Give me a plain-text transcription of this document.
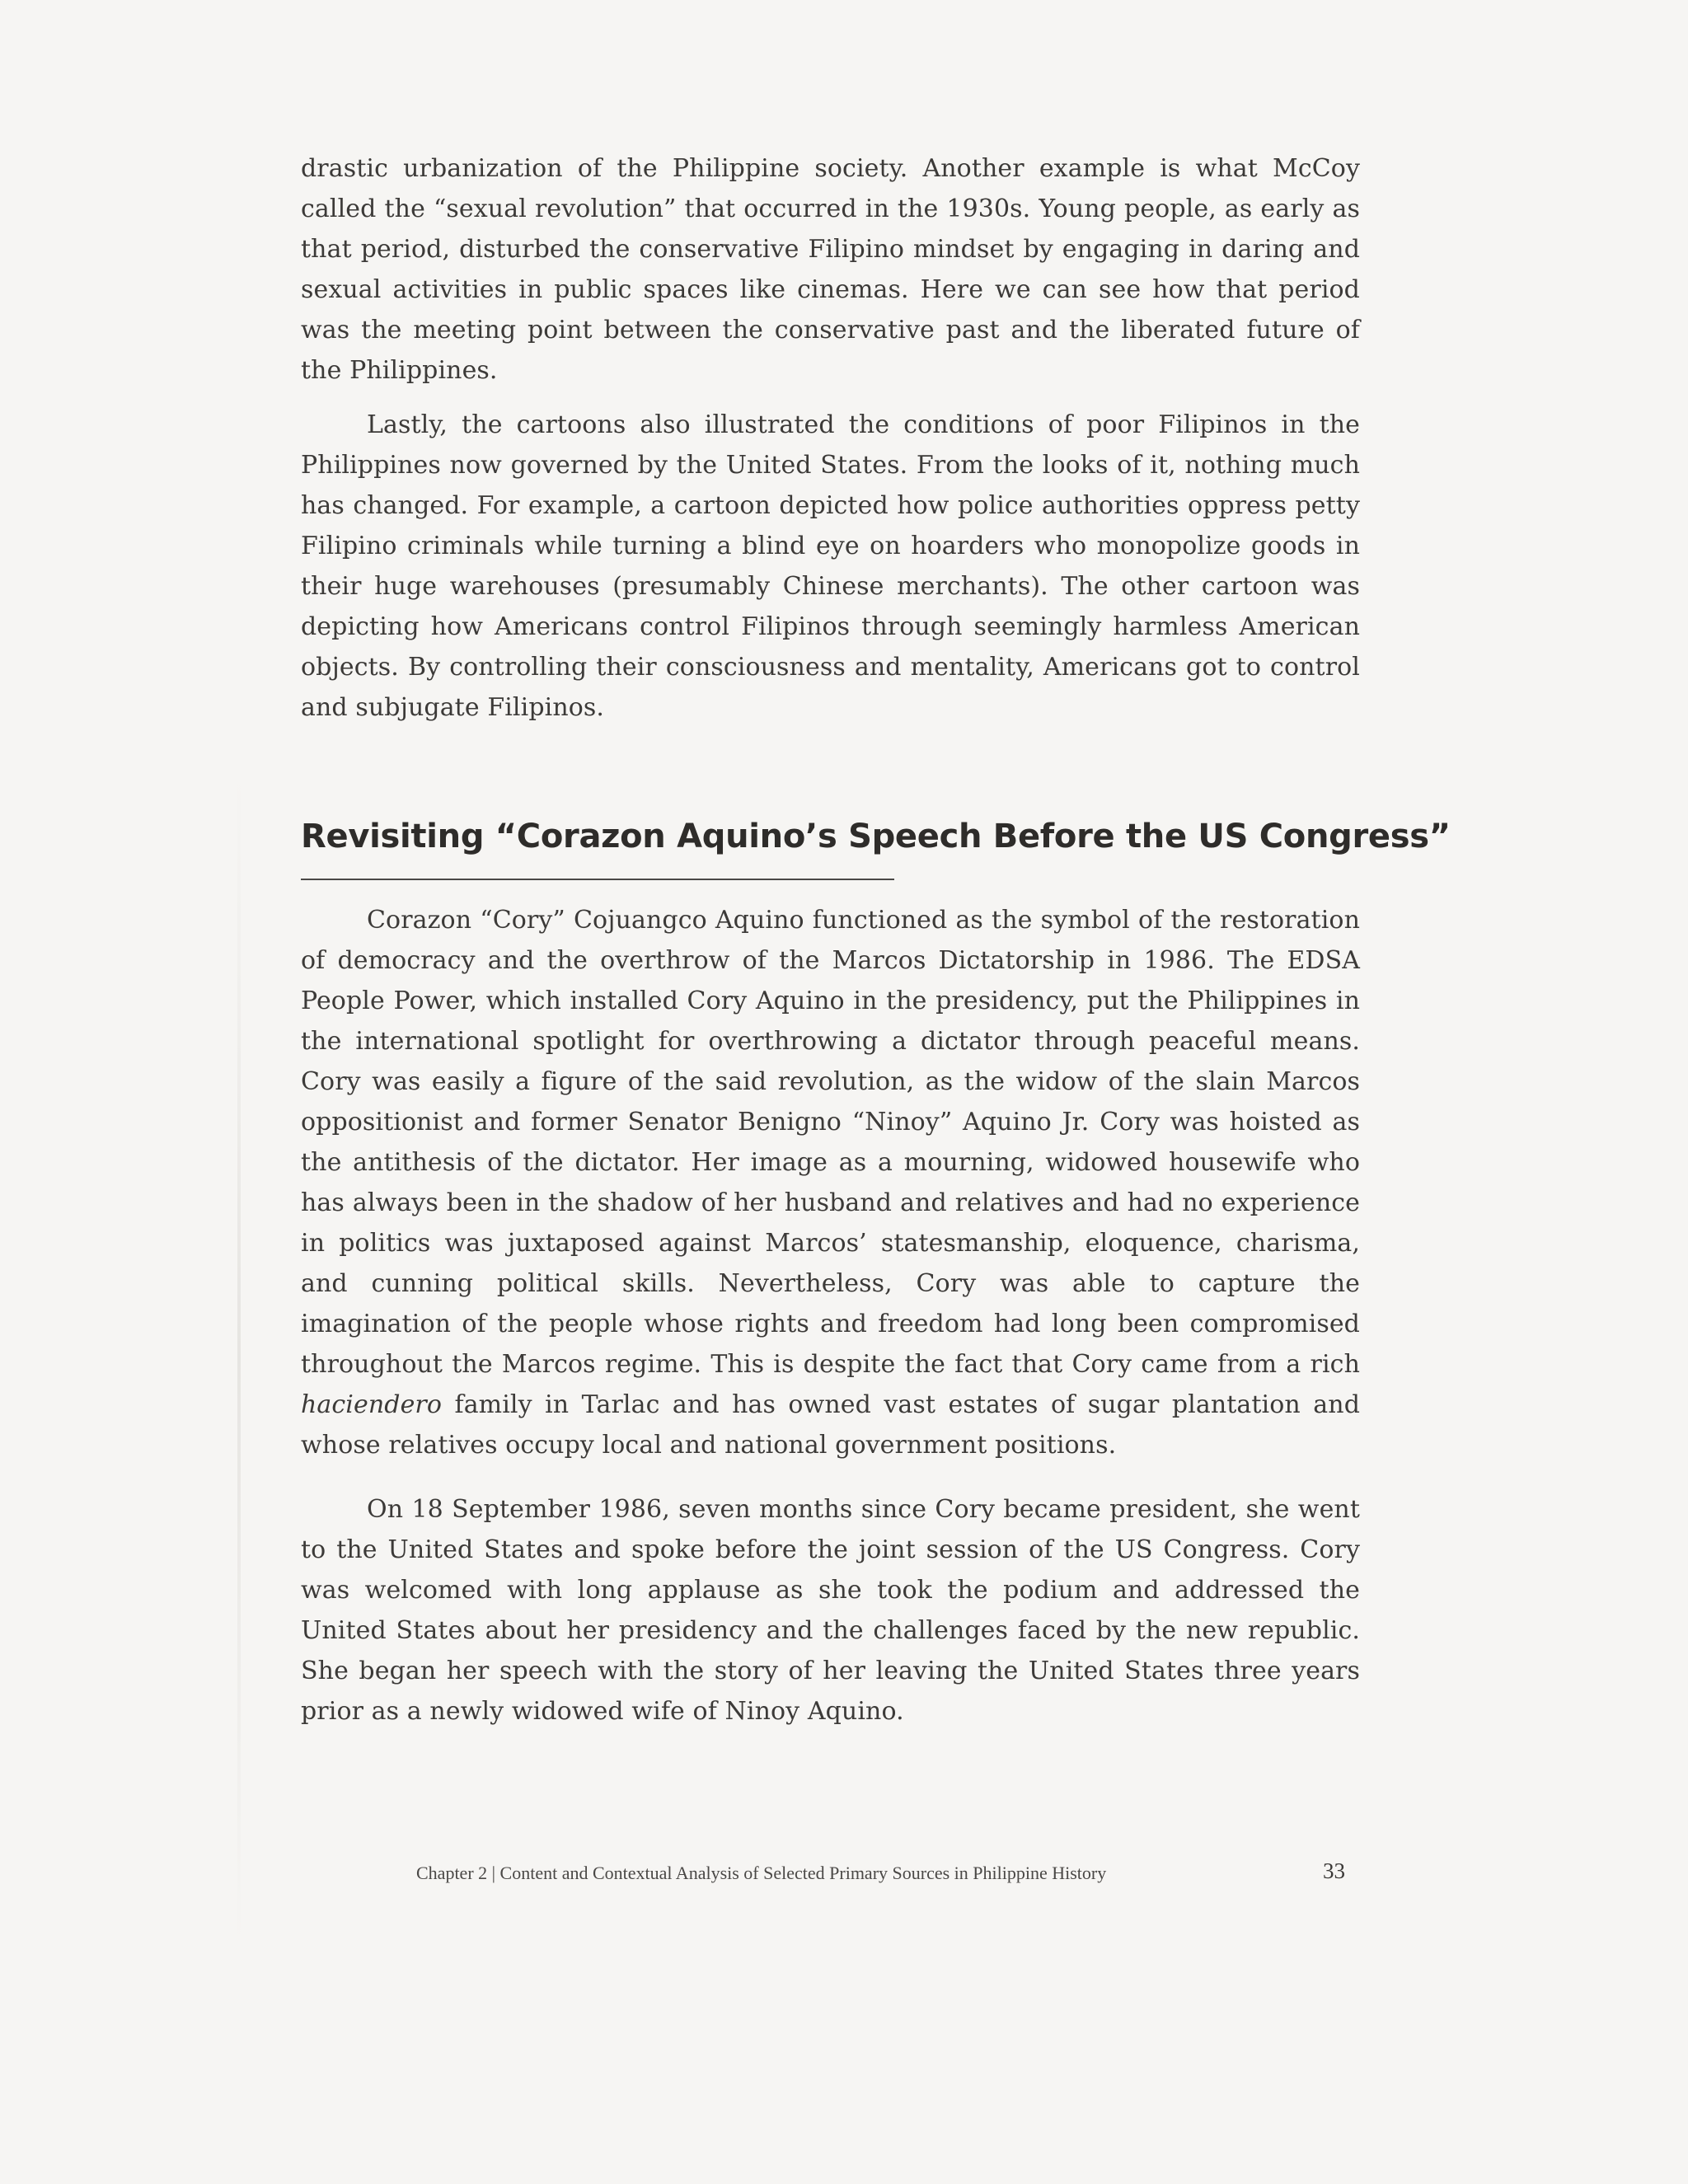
drastic urbanization of the Philippine society. Another example is what McCoy called the “sexual revolution” that occurred in the 1930s. Young people, as early as that period, disturbed the conservative Filipino mindset by engaging in daring and sexual activities in public spaces like cinemas. Here we can see how that period was the meeting point between the conservative past and the liberated future of the Philippines.

Lastly, the cartoons also illustrated the conditions of poor Filipinos in the Philippines now governed by the United States. From the looks of it, nothing much has changed. For example, a cartoon depicted how police authorities oppress petty Filipino criminals while turning a blind eye on hoarders who monopolize goods in their huge warehouses (presumably Chinese merchants). The other cartoon was depicting how Americans control Filipinos through seemingly harmless American objects. By controlling their consciousness and mentality, Americans got to control and subjugate Filipinos.

Revisiting “Corazon Aquino’s Speech Before the US Congress”

Corazon “Cory” Cojuangco Aquino functioned as the symbol of the restoration of democracy and the overthrow of the Marcos Dictatorship in 1986. The EDSA People Power, which installed Cory Aquino in the presidency, put the Philippines in the international spotlight for overthrowing a dictator through peaceful means. Cory was easily a figure of the said revolution, as the widow of the slain Marcos oppositionist and former Senator Benigno “Ninoy” Aquino Jr. Cory was hoisted as the antithesis of the dictator. Her image as a mourning, widowed housewife who has always been in the shadow of her husband and relatives and had no experience in politics was juxtaposed against Marcos’ statesmanship, eloquence, charisma, and cunning political skills. Nevertheless, Cory was able to capture the imagination of the people whose rights and freedom had long been compromised throughout the Marcos regime. This is despite the fact that Cory came from a rich haciendero family in Tarlac and has owned vast estates of sugar plantation and whose relatives occupy local and national government positions.

On 18 September 1986, seven months since Cory became president, she went to the United States and spoke before the joint session of the US Congress. Cory was welcomed with long applause as she took the podium and addressed the United States about her presidency and the challenges faced by the new republic. She began her speech with the story of her leaving the United States three years prior as a newly widowed wife of Ninoy Aquino.

Chapter 2 | Content and Contextual Analysis of Selected Primary Sources in Philippine History	33
